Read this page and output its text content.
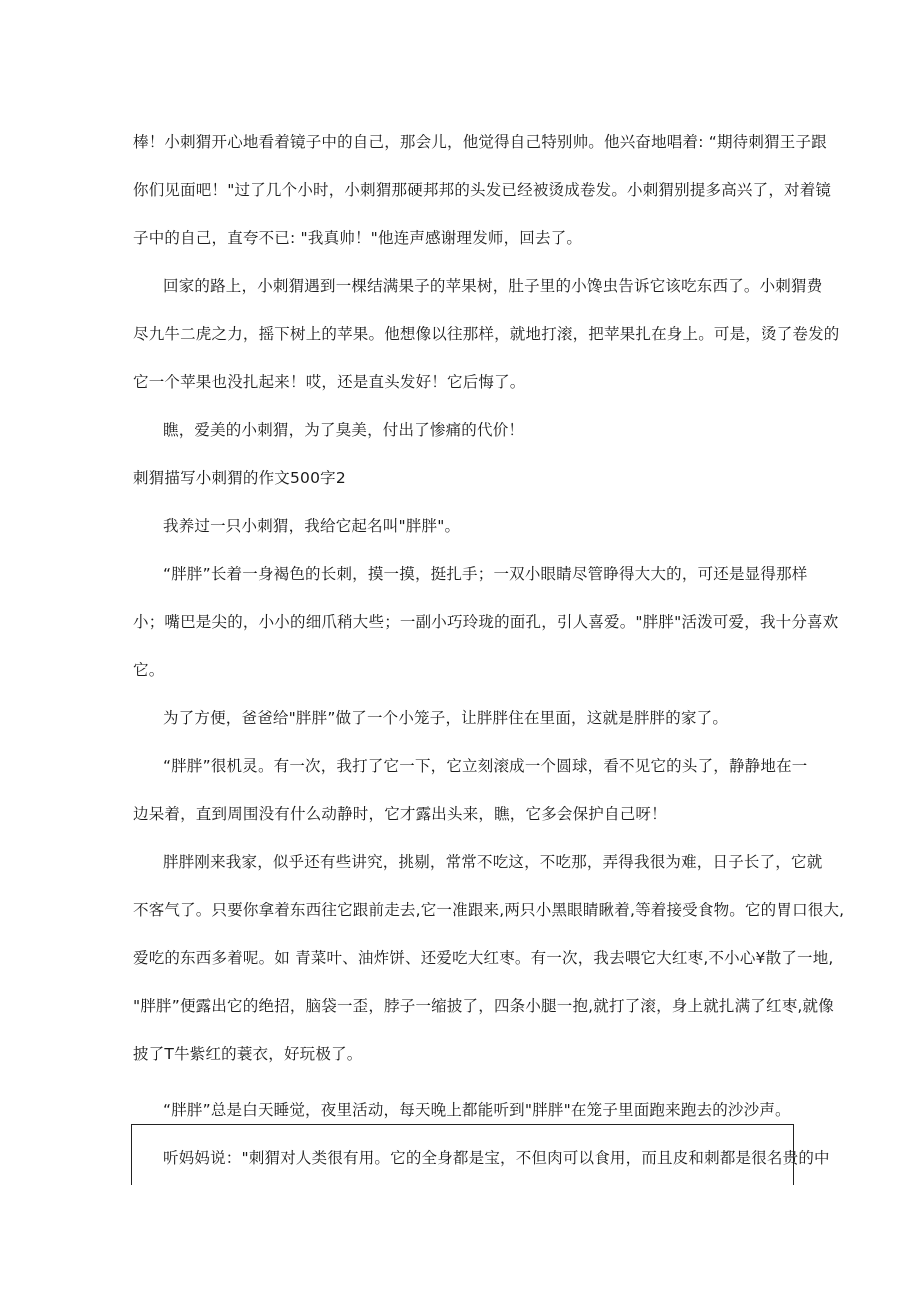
棒！小刺猬开心地看着镜子中的自己，那会儿，他觉得自己特别帅。他兴奋地唱着: “期待刺猬王子跟
你们见面吧！"过了几个小时，小刺猬那硬邦邦的头发已经被烫成卷发。小刺猬别提多高兴了，对着镜
子中的自己，直夸不已: "我真帅！"他连声感谢理发师，回去了。
回家的路上，小刺猬遇到一棵结满果子的苹果树，肚子里的小馋虫告诉它该吃东西了。小刺猬费
尽九牛二虎之力，摇下树上的苹果。他想像以往那样，就地打滚，把苹果扎在身上。可是，烫了卷发的
它一个苹果也没扎起来！哎，还是直头发好！它后悔了。
瞧，爱美的小刺猬，为了臭美，付出了惨痛的代价！
刺猬描写小刺猬的作文500字2
我养过一只小刺猬，我给它起名叫"胖胖"。
“胖胖”长着一身褐色的长刺，摸一摸，挺扎手；一双小眼睛尽管睁得大大的，可还是显得那样
小；嘴巴是尖的，小小的细爪稍大些；一副小巧玲珑的面孔，引人喜爱。"胖胖"活泼可爱，我十分喜欢
它。
为了方便，爸爸给"胖胖”做了一个小笼子，让胖胖住在里面，这就是胖胖的家了。
“胖胖”很机灵。有一次，我打了它一下，它立刻滚成一个圆球，看不见它的头了，静静地在一
边呆着，直到周围没有什么动静时，它才露出头来，瞧，它多会保护自己呀！
胖胖刚来我家，似乎还有些讲究，挑剔，常常不吃这，不吃那，弄得我很为难，日子长了，它就
不客气了。只要你拿着东西往它跟前走去,它一准跟来,两只小黑眼睛瞅着,等着接受食物。它的胃口很大,
爱吃的东西多着呢。如 青菜叶、油炸饼、还爱吃大红枣。有一次，我去喂它大红枣,不小心¥散了一地,
"胖胖”便露出它的绝招，脑袋一歪，脖子一缩披了，四条小腿一抱,就打了滚，身上就扎满了红枣,就像
披了T牛紫红的蓑衣，好玩极了。
“胖胖”总是白天睡觉，夜里活动，每天晚上都能听到"胖胖"在笼子里面跑来跑去的沙沙声。
听妈妈说："刺猬对人类很有用。它的全身都是宝，不但肉可以食用，而且皮和刺都是很名贵的中
